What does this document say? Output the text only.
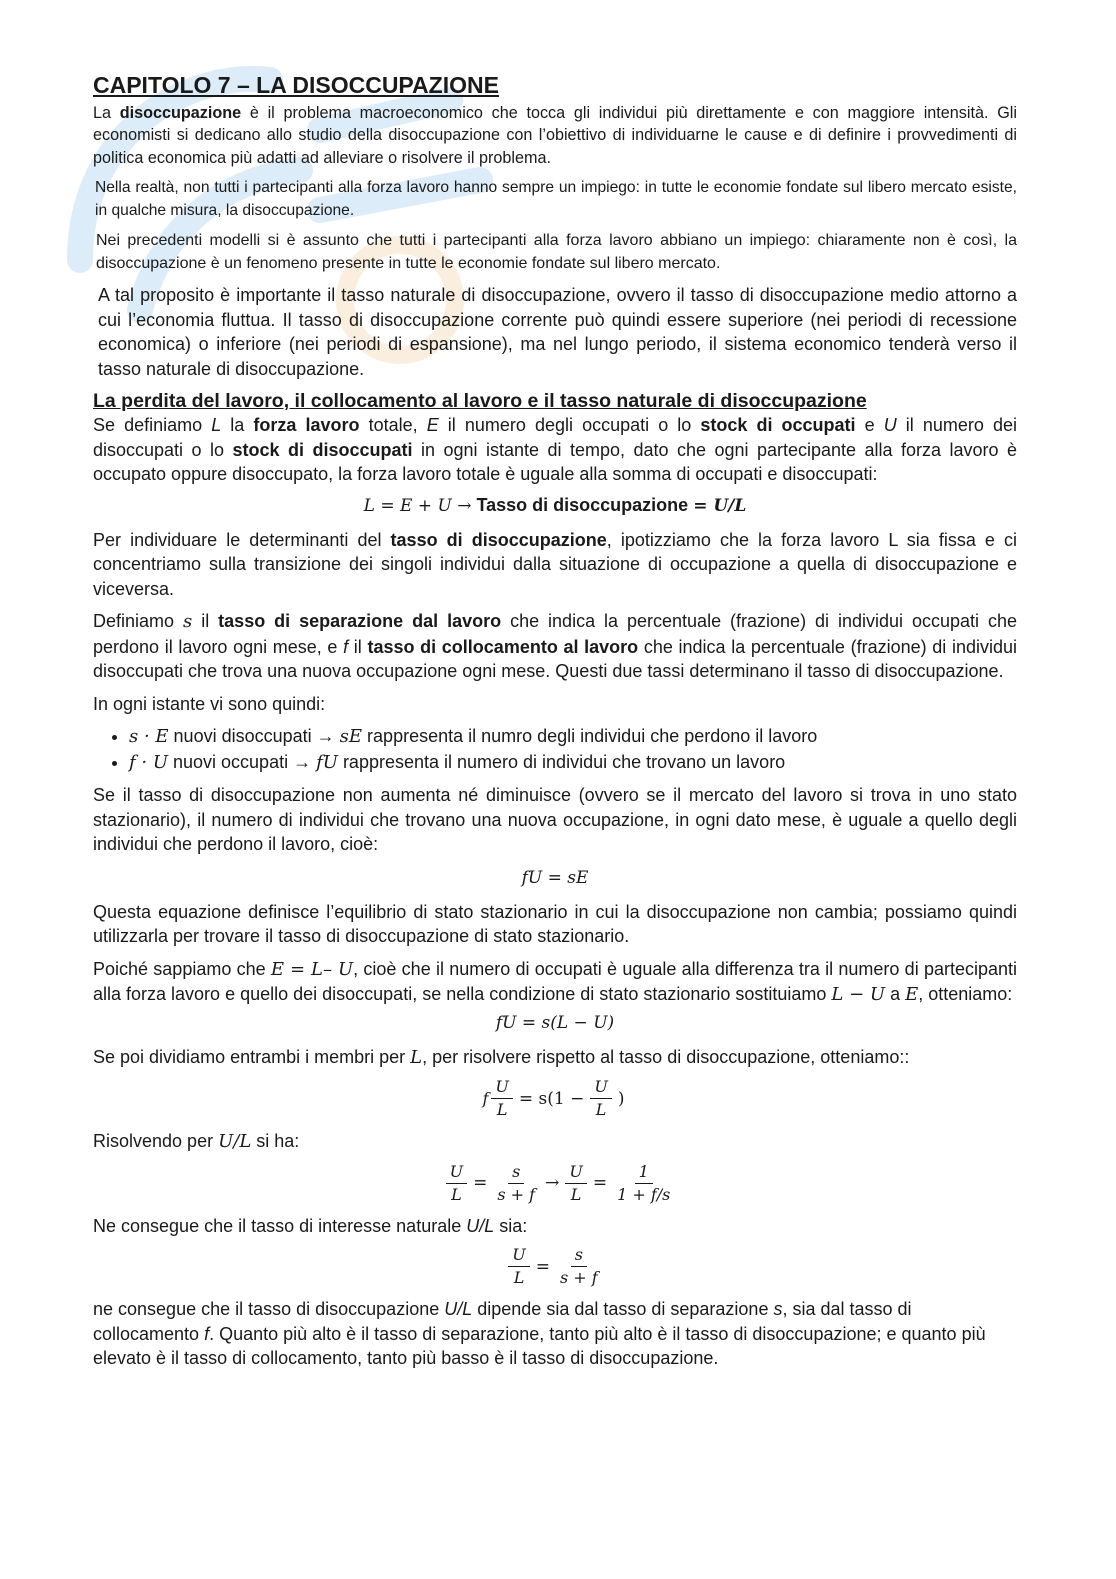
CAPITOLO 7 – LA DISOCCUPAZIONE

La disoccupazione è il problema macroeconomico che tocca gli individui più direttamente e con maggiore intensità. Gli economisti si dedicano allo studio della disoccupazione con l’obiettivo di individuarne le cause e di definire i provvedimenti di politica economica più adatti ad alleviare o risolvere il problema.

Nella realtà, non tutti i partecipanti alla forza lavoro hanno sempre un impiego: in tutte le economie fondate sul libero mercato esiste, in qualche misura, la disoccupazione.

Nei precedenti modelli si è assunto che tutti i partecipanti alla forza lavoro abbiano un impiego: chiaramente non è così, la disoccupazione è un fenomeno presente in tutte le economie fondate sul libero mercato.

A tal proposito è importante il tasso naturale di disoccupazione, ovvero il tasso di disoccupazione medio attorno a cui l’economia fluttua. Il tasso di disoccupazione corrente può quindi essere superiore (nei periodi di recessione economica) o inferiore (nei periodi di espansione), ma nel lungo periodo, il sistema economico tenderà verso il tasso naturale di disoccupazione.

La perdita del lavoro, il collocamento al lavoro e il tasso naturale di disoccupazione

Se definiamo L la forza lavoro totale, E il numero degli occupati o lo stock di occupati e U il numero dei disoccupati o lo stock di disoccupati in ogni istante di tempo, dato che ogni partecipante alla forza lavoro è occupato oppure disoccupato, la forza lavoro totale è uguale alla somma di occupati e disoccupati:

L = E + U → Tasso di disoccupazione = U/L

Per individuare le determinanti del tasso di disoccupazione, ipotizziamo che la forza lavoro L sia fissa e ci concentriamo sulla transizione dei singoli individui dalla situazione di occupazione a quella di disoccupazione e viceversa.

Definiamo s il tasso di separazione dal lavoro che indica la percentuale (frazione) di individui occupati che perdono il lavoro ogni mese, e f il tasso di collocamento al lavoro che indica la percentuale (frazione) di individui disoccupati che trova una nuova occupazione ogni mese. Questi due tassi determinano il tasso di disoccupazione.

In ogni istante vi sono quindi:

• s · E nuovi disoccupati → sE rappresenta il numro degli individui che perdono il lavoro
• f · U nuovi occupati → fU rappresenta il numero di individui che trovano un lavoro

Se il tasso di disoccupazione non aumenta né diminuisce (ovvero se il mercato del lavoro si trova in uno stato stazionario), il numero di individui che trovano una nuova occupazione, in ogni dato mese, è uguale a quello degli individui che perdono il lavoro, cioè:

fU = sE

Questa equazione definisce l’equilibrio di stato stazionario in cui la disoccupazione non cambia; possiamo quindi utilizzarla per trovare il tasso di disoccupazione di stato stazionario.

Poiché sappiamo che E = L– U, cioè che il numero di occupati è uguale alla differenza tra il numero di partecipanti alla forza lavoro e quello dei disoccupati, se nella condizione di stato stazionario sostituiamo L − U a E, otteniamo:

fU = s(L − U)

Se poi dividiamo entrambi i membri per L, per risolvere rispetto al tasso di disoccupazione, otteniamo::

f $\frac{U}{L} = s(1 - \frac{U}{L}$ )

Risolvendo per U/L si ha:

$\frac{U}{L} = \frac{s}{s + f} \to \frac{U}{L} = \frac{1}{1 + f/s}$

Ne consegue che il tasso di interesse naturale U/L sia:

$\frac{U}{L} = \frac{s}{s + f}$

ne consegue che il tasso di disoccupazione U/L dipende sia dal tasso di separazione s, sia dal tasso di collocamento f. Quanto più alto è il tasso di separazione, tanto più alto è il tasso di disoccupazione; e quanto più elevato è il tasso di collocamento, tanto più basso è il tasso di disoccupazione.
